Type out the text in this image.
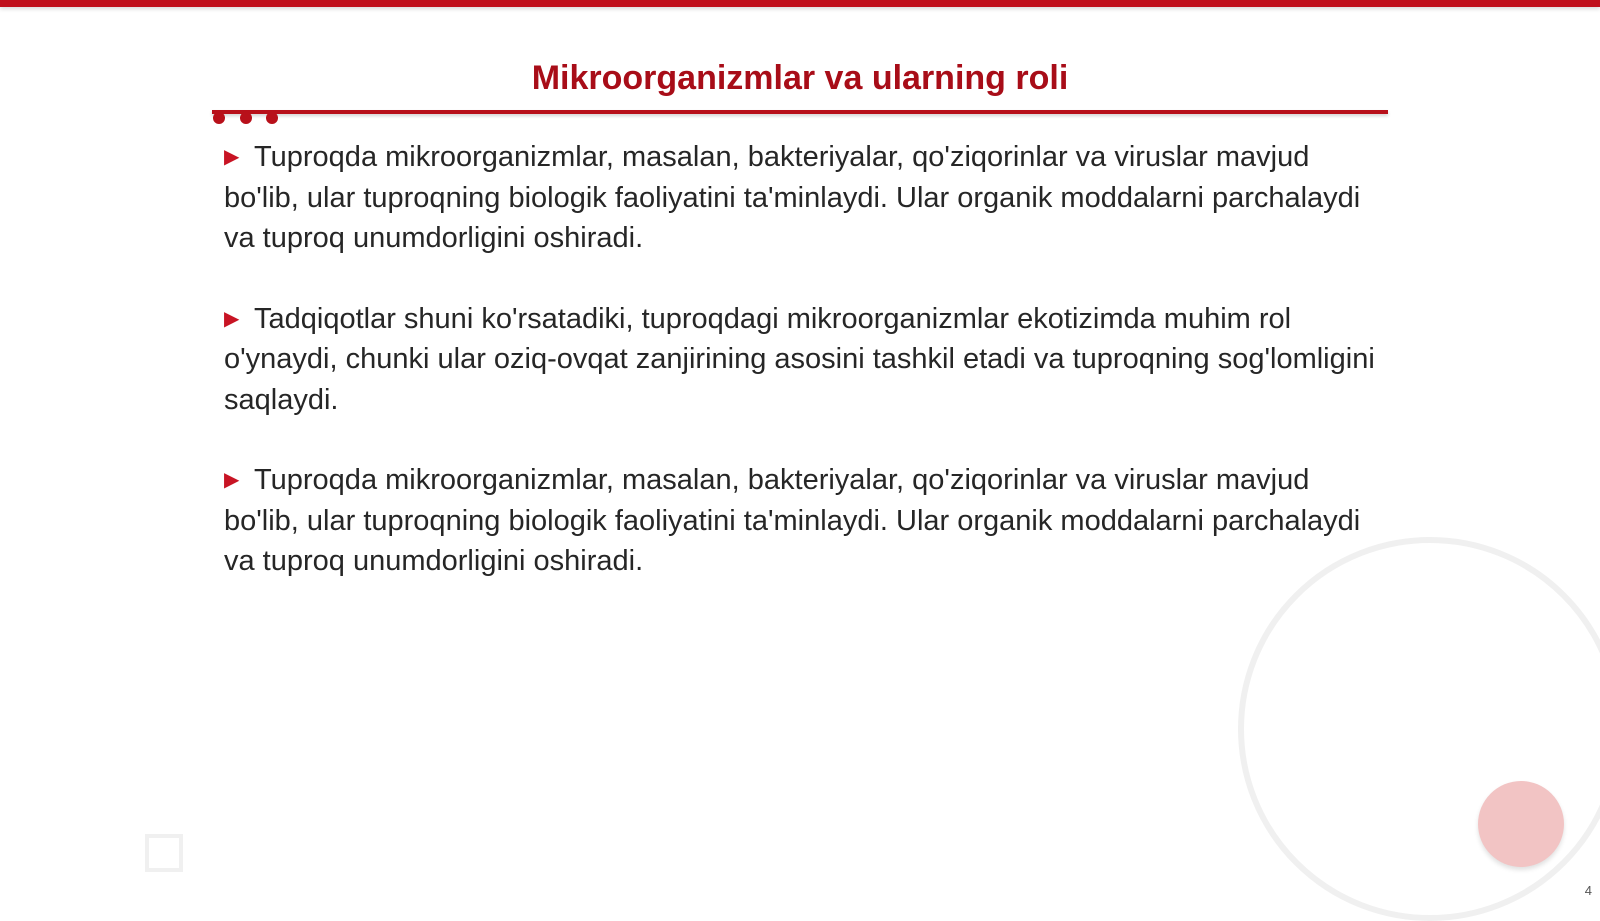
Mikroorganizmlar va ularning roli
▶ Tuproqda mikroorganizmlar, masalan, bakteriyalar, qo'ziqorinlar va viruslar mavjud bo'lib, ular tuproqning biologik faoliyatini ta'minlaydi. Ular organik moddalarni parchalaydi va tuproq unumdorligini oshiradi.
▶ Tadqiqotlar shuni ko'rsatadiki, tuproqdagi mikroorganizmlar ekotizimda muhim rol o'ynaydi, chunki ular oziq-ovqat zanjirining asosini tashkil etadi va tuproqning sog'lomligini saqlaydi.
▶ Tuproqda mikroorganizmlar, masalan, bakteriyalar, qo'ziqorinlar va viruslar mavjud bo'lib, ular tuproqning biologik faoliyatini ta'minlaydi. Ular organik moddalarni parchalaydi va tuproq unumdorligini oshiradi.
4
